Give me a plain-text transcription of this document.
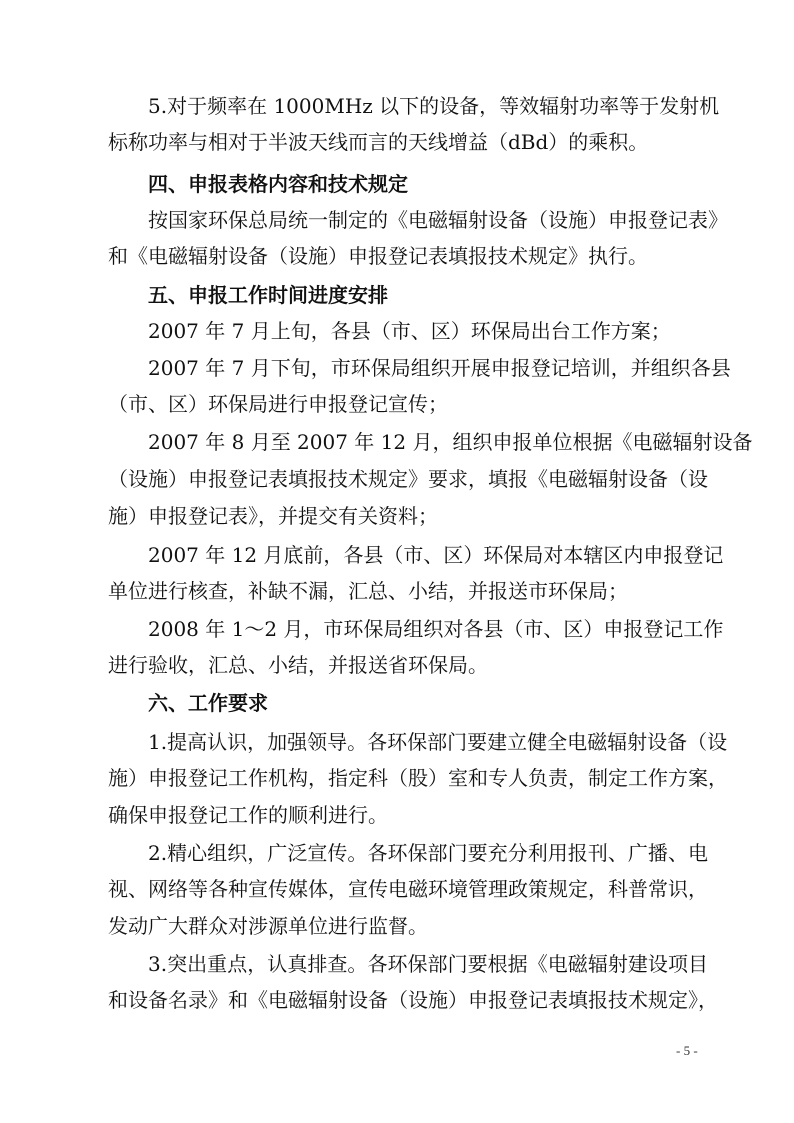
5.对于频率在 1000MHz 以下的设备，等效辐射功率等于发射机
标称功率与相对于半波天线而言的天线增益（dBd）的乘积。
四、申报表格内容和技术规定
按国家环保总局统一制定的《电磁辐射设备（设施）申报登记表》
和《电磁辐射设备（设施）申报登记表填报技术规定》执行。
五、申报工作时间进度安排
2007 年 7 月上旬，各县（市、区）环保局出台工作方案；
2007 年 7 月下旬，市环保局组织开展申报登记培训，并组织各县
（市、区）环保局进行申报登记宣传；
2007 年 8 月至 2007 年 12 月，组织申报单位根据《电磁辐射设备
（设施）申报登记表填报技术规定》要求，填报《电磁辐射设备（设
施）申报登记表》，并提交有关资料；
2007 年 12 月底前，各县（市、区）环保局对本辖区内申报登记
单位进行核查，补缺不漏，汇总、小结，并报送市环保局；
2008 年 1～2 月，市环保局组织对各县（市、区）申报登记工作
进行验收，汇总、小结，并报送省环保局。
六、工作要求
1.提高认识，加强领导。各环保部门要建立健全电磁辐射设备（设
施）申报登记工作机构，指定科（股）室和专人负责，制定工作方案，
确保申报登记工作的顺利进行。
2.精心组织，广泛宣传。各环保部门要充分利用报刊、广播、电
视、网络等各种宣传媒体，宣传电磁环境管理政策规定，科普常识，
发动广大群众对涉源单位进行监督。
3.突出重点，认真排查。各环保部门要根据《电磁辐射建设项目
和设备名录》和《电磁辐射设备（设施）申报登记表填报技术规定》，
- 5 -
